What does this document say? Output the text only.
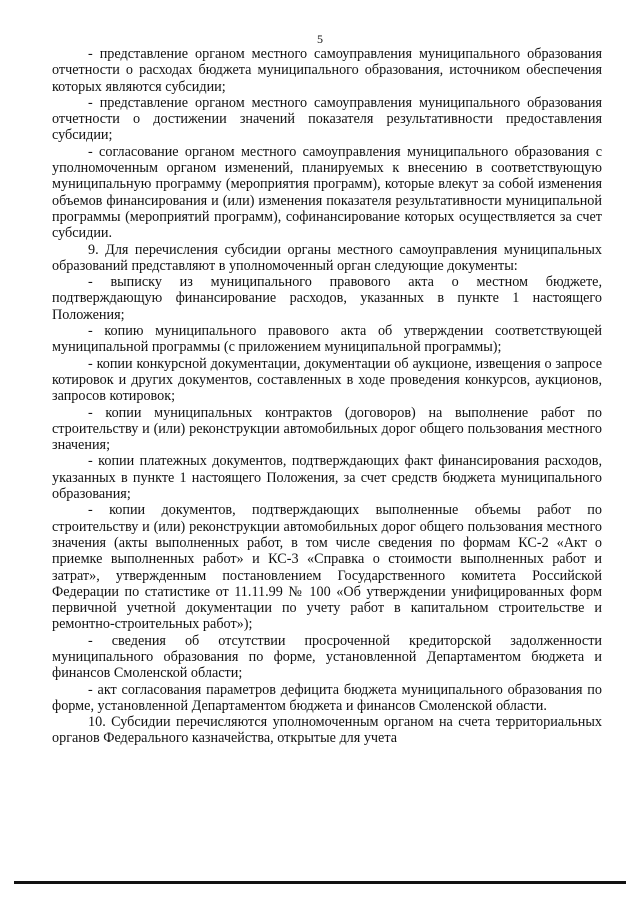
5

- представление органом местного самоуправления муниципального образования отчетности о расходах бюджета муниципального образования, источником обеспечения которых являются субсидии;

- представление органом местного самоуправления муниципального образования отчетности о достижении значений показателя результативности предоставления субсидии;

- согласование органом местного самоуправления муниципального образования с уполномоченным органом изменений, планируемых к внесению в соответствующую муниципальную программу (мероприятия программ), которые влекут за собой изменения объемов финансирования и (или) изменения показателя результативности муниципальной программы (мероприятий программ), софинансирование которых осуществляется за счет субсидии.

9. Для перечисления субсидии органы местного самоуправления муниципальных образований представляют в уполномоченный орган следующие документы:

- выписку из муниципального правового акта о местном бюджете, подтверждающую финансирование расходов, указанных в пункте 1 настоящего Положения;

- копию муниципального правового акта об утверждении соответствующей муниципальной программы (с приложением муниципальной программы);

- копии конкурсной документации, документации об аукционе, извещения о запросе котировок и других документов, составленных в ходе проведения конкурсов, аукционов, запросов котировок;

- копии муниципальных контрактов (договоров) на выполнение работ по строительству и (или) реконструкции автомобильных дорог общего пользования местного значения;

- копии платежных документов, подтверждающих факт финансирования расходов, указанных в пункте 1 настоящего Положения, за счет средств бюджета муниципального образования;

- копии документов, подтверждающих выполненные объемы работ по строительству и (или) реконструкции автомобильных дорог общего пользования местного значения (акты выполненных работ, в том числе сведения по формам КС-2 «Акт о приемке выполненных работ» и КС-3 «Справка о стоимости выполненных работ и затрат», утвержденным постановлением Государственного комитета Российской Федерации по статистике от 11.11.99 № 100 «Об утверждении унифицированных форм первичной учетной документации по учету работ в капитальном строительстве и ремонтно-строительных работ»);

- сведения об отсутствии просроченной кредиторской задолженности муниципального образования по форме, установленной Департаментом бюджета и финансов Смоленской области;

- акт согласования параметров дефицита бюджета муниципального образования по форме, установленной Департаментом бюджета и финансов Смоленской области.

10. Субсидии перечисляются уполномоченным органом на счета территориальных органов Федерального казначейства, открытые для учета
